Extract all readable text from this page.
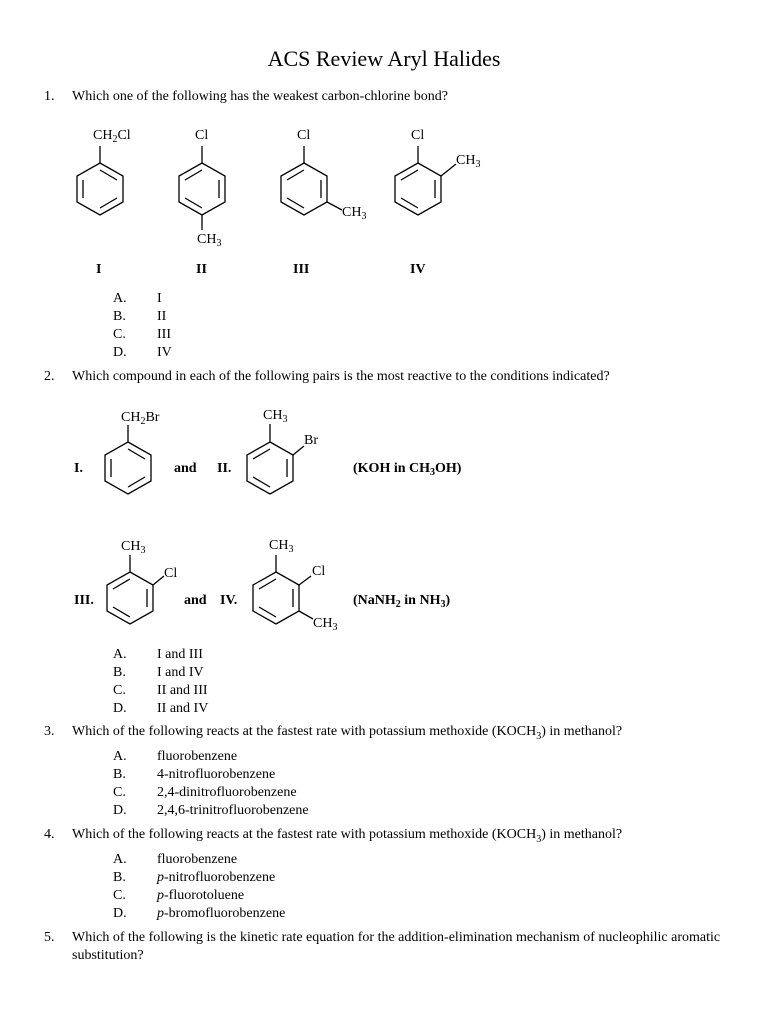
ACS Review Aryl Halides
1. Which one of the following has the weakest carbon-chlorine bond?
$CH_2Cl$	Cl
$CH_3$
Cl
$CH_3$
Cl
$CH_3$
I	II	III	IV
I.
$CH_2Br$
and II.
$CH_3$
Br
(KOH in $CH_3OH$)
III.
$CH_3$
Cl
and IV.
$CH_3$
Cl
$CH_3$
(NaNH$_2$ in $NH_3$)
A.	I
B.	II
C.	III
D.	IV
2. Which compound in each of the following pairs is the most reactive to the conditions indicated?
A.	I and III
B.	I and IV
C.	II and III
D.	II and IV
3. Which of the following reacts at the fastest rate with potassium methoxide $(KOCH_3)$ in methanol?
A.	fluorobenzene
B.	4-nitrofluorobenzene
C.	2,4-dinitrofluorobenzene
D.	2,4,6-trinitrofluorobenzene
4. Which of the following reacts at the fastest rate with potassium methoxide $(KOCH_3)$ in methanol?
A.	fluorobenzene
B.	p-nitrofluorobenzene
C.	p-fluorotoluene
D.	p-bromofluorobenzene
5. Which of the following is the kinetic rate equation for the addition-elimination mechanism of nucleophilic aromatic substitution?
